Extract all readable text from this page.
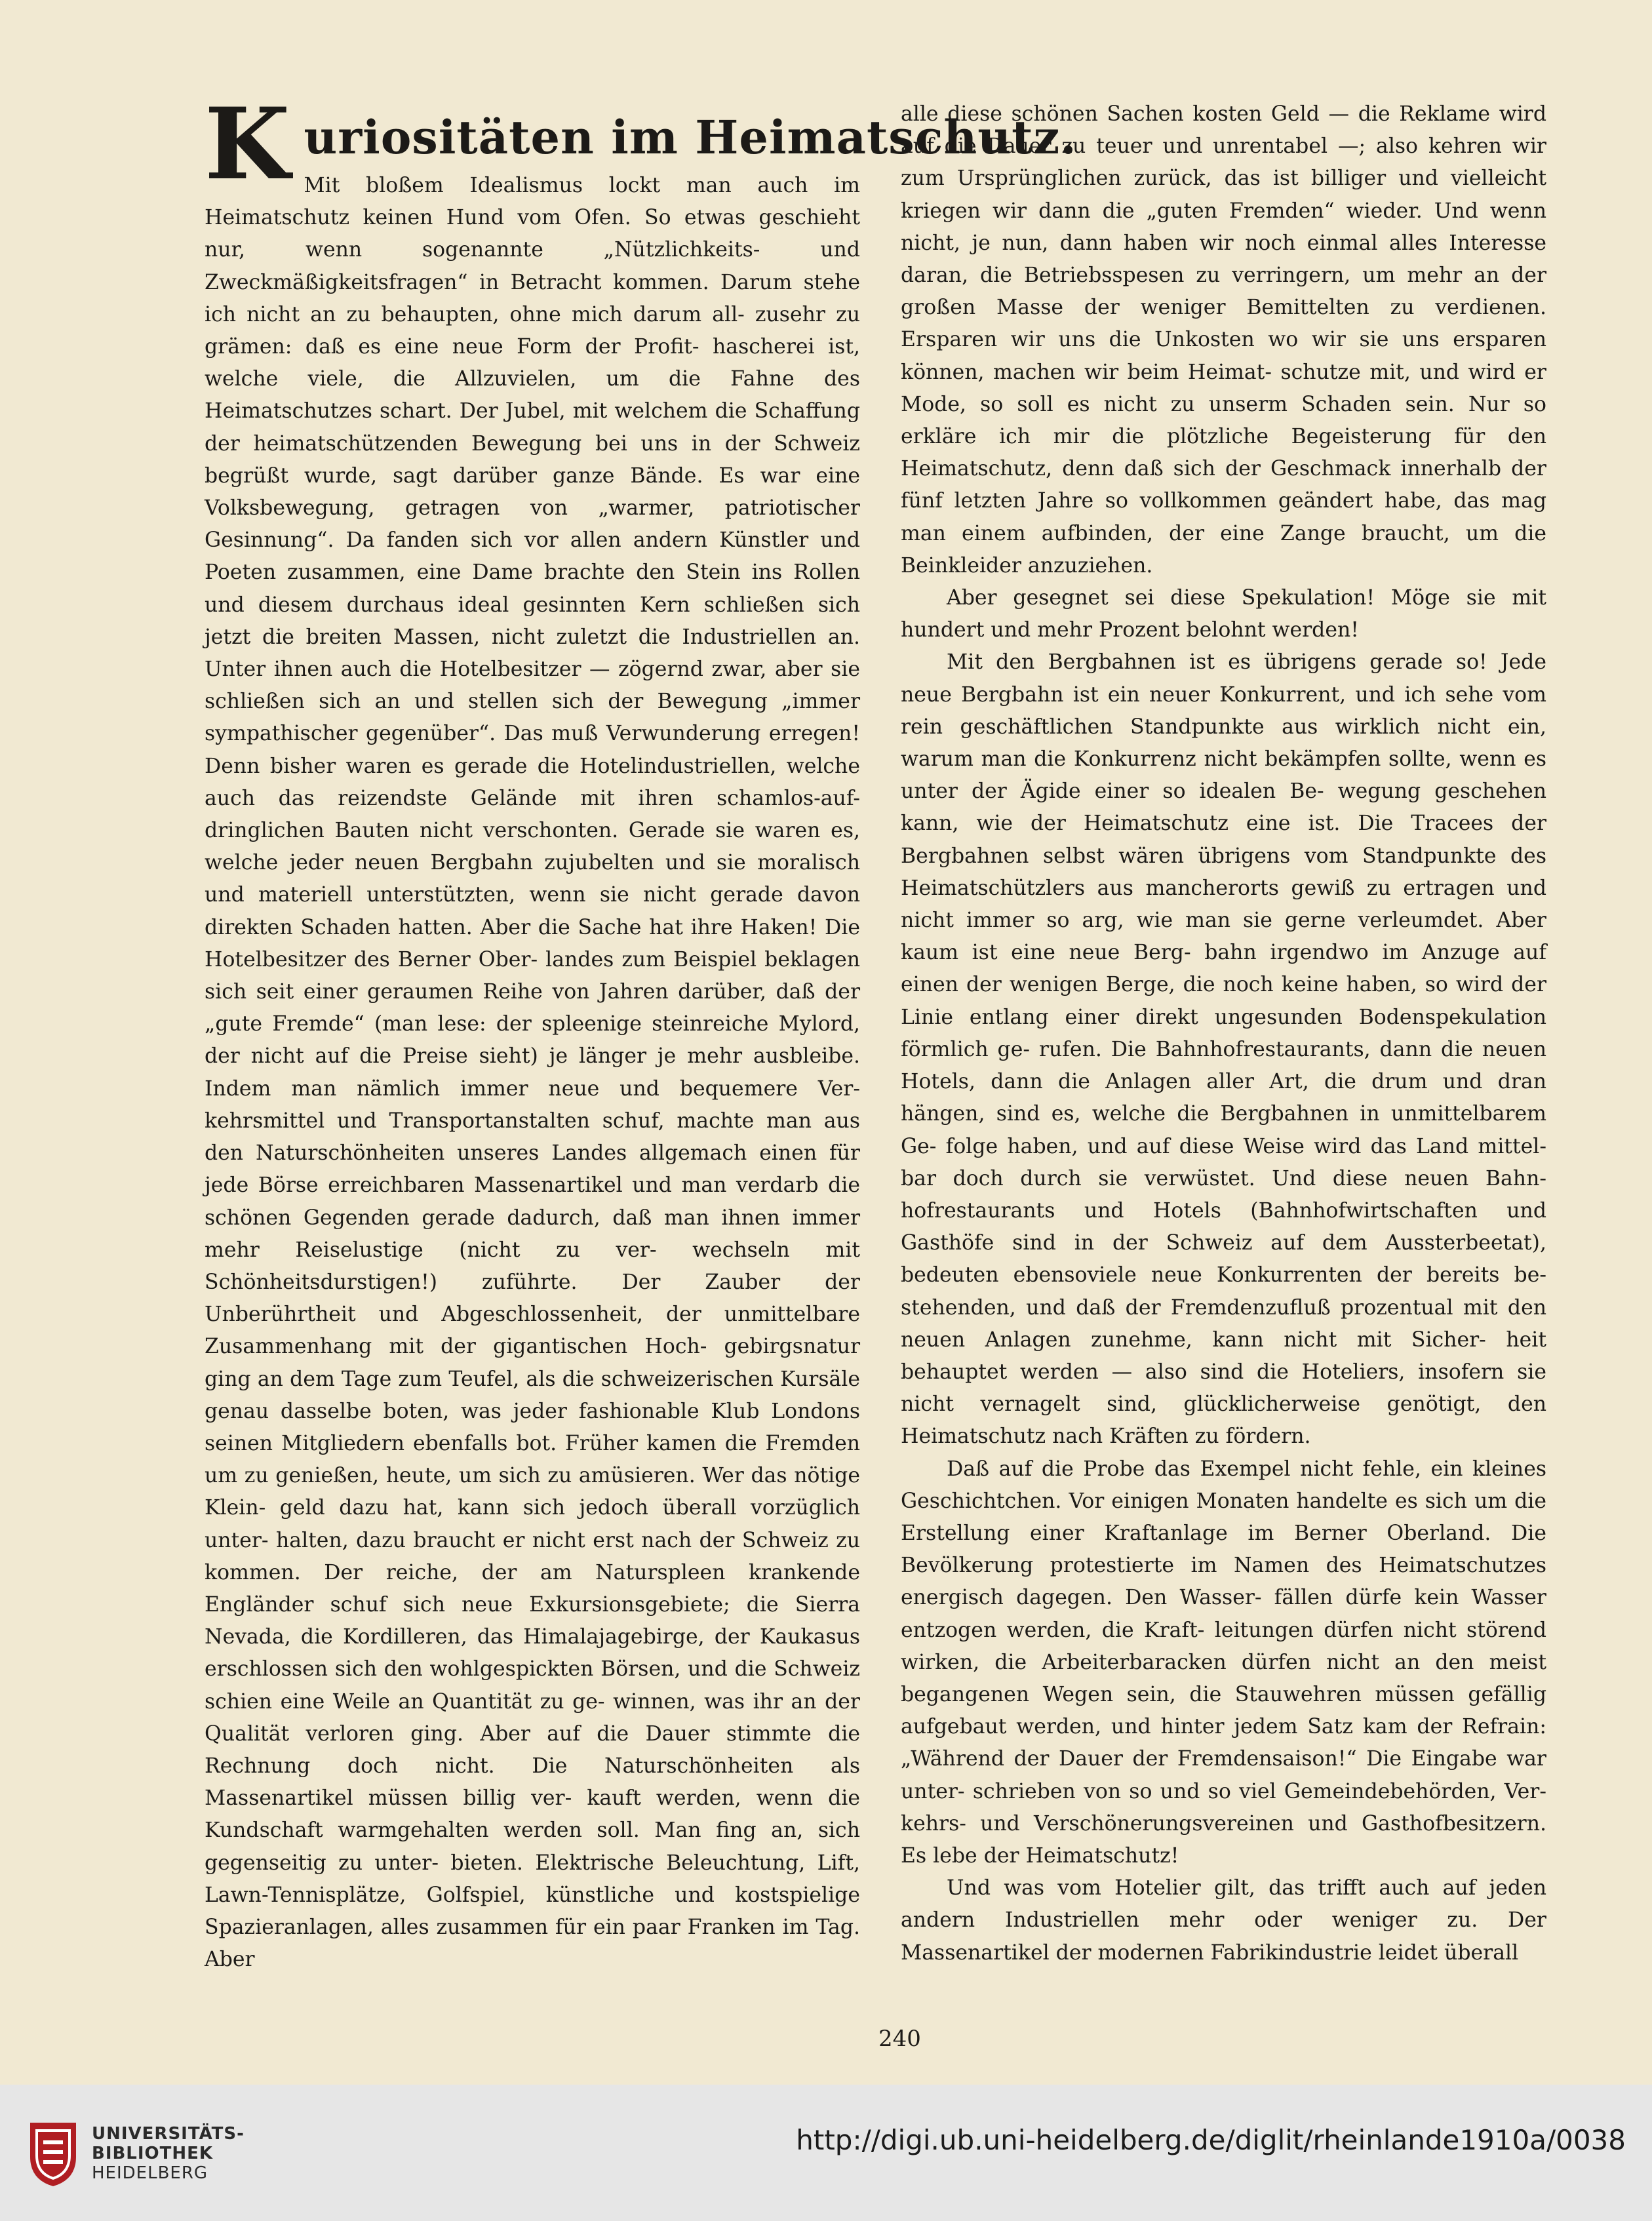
K uriositäten im Heimatschutz.

Mit bloßem Idealismus lockt man auch im Heimatschutz keinen Hund vom Ofen. So etwas geschieht nur, wenn sogenannte „Nützlichkeits- und Zweckmäßigkeitsfragen“ in Betracht kommen. Darum stehe ich nicht an zu behaupten, ohne mich darum all- zusehr zu grämen: daß es eine neue Form der Profit- hascherei ist, welche viele, die Allzuvielen, um die Fahne des Heimatschutzes schart. Der Jubel, mit welchem die Schaffung der heimatschützenden Bewegung bei uns in der Schweiz begrüßt wurde, sagt darüber ganze Bände. Es war eine Volksbewegung, getragen von „warmer, patriotischer Gesinnung“. Da fanden sich vor allen andern Künstler und Poeten zusammen, eine Dame brachte den Stein ins Rollen und diesem durchaus ideal gesinnten Kern schließen sich jetzt die breiten Massen, nicht zuletzt die Industriellen an. Unter ihnen auch die Hotelbesitzer — zögernd zwar, aber sie schließen sich an und stellen sich der Bewegung „immer sympathischer gegenüber“. Das muß Verwunderung erregen! Denn bisher waren es gerade die Hotelindustriellen, welche auch das reizendste Gelände mit ihren schamlos-auf- dringlichen Bauten nicht verschonten. Gerade sie waren es, welche jeder neuen Bergbahn zujubelten und sie moralisch und materiell unterstützten, wenn sie nicht gerade davon direkten Schaden hatten. Aber die Sache hat ihre Haken! Die Hotelbesitzer des Berner Ober- landes zum Beispiel beklagen sich seit einer geraumen Reihe von Jahren darüber, daß der „gute Fremde“ (man lese: der spleenige steinreiche Mylord, der nicht auf die Preise sieht) je länger je mehr ausbleibe. Indem man nämlich immer neue und bequemere Ver- kehrsmittel und Transportanstalten schuf, machte man aus den Naturschönheiten unseres Landes allgemach einen für jede Börse erreichbaren Massenartikel und man verdarb die schönen Gegenden gerade dadurch, daß man ihnen immer mehr Reiselustige (nicht zu ver- wechseln mit Schönheitsdurstigen!) zuführte. Der Zauber der Unberührtheit und Abgeschlossenheit, der unmittelbare Zusammenhang mit der gigantischen Hoch- gebirgsnatur ging an dem Tage zum Teufel, als die schweizerischen Kursäle genau dasselbe boten, was jeder fashionable Klub Londons seinen Mitgliedern ebenfalls bot. Früher kamen die Fremden um zu genießen, heute, um sich zu amüsieren. Wer das nötige Klein- geld dazu hat, kann sich jedoch überall vorzüglich unter- halten, dazu braucht er nicht erst nach der Schweiz zu kommen. Der reiche, der am Naturspleen krankende Engländer schuf sich neue Exkursionsgebiete; die Sierra Nevada, die Kordilleren, das Himalajagebirge, der Kaukasus erschlossen sich den wohlgespickten Börsen, und die Schweiz schien eine Weile an Quantität zu ge- winnen, was ihr an der Qualität verloren ging. Aber auf die Dauer stimmte die Rechnung doch nicht. Die Naturschönheiten als Massenartikel müssen billig ver- kauft werden, wenn die Kundschaft warmgehalten werden soll. Man fing an, sich gegenseitig zu unter- bieten. Elektrische Beleuchtung, Lift, Lawn-Tennisplätze, Golfspiel, künstliche und kostspielige Spazieranlagen, alles zusammen für ein paar Franken im Tag. Aber

alle diese schönen Sachen kosten Geld — die Reklame wird auf die Dauer zu teuer und unrentabel —; also kehren wir zum Ursprünglichen zurück, das ist billiger und vielleicht kriegen wir dann die „guten Fremden“ wieder. Und wenn nicht, je nun, dann haben wir noch einmal alles Interesse daran, die Betriebsspesen zu verringern, um mehr an der großen Masse der weniger Bemittelten zu verdienen. Ersparen wir uns die Unkosten wo wir sie uns ersparen können, machen wir beim Heimat- schutze mit, und wird er Mode, so soll es nicht zu unserm Schaden sein. Nur so erkläre ich mir die plötzliche Begeisterung für den Heimatschutz, denn daß sich der Geschmack innerhalb der fünf letzten Jahre so vollkommen geändert habe, das mag man einem aufbinden, der eine Zange braucht, um die Beinkleider anzuziehen.

Aber gesegnet sei diese Spekulation! Möge sie mit hundert und mehr Prozent belohnt werden!

Mit den Bergbahnen ist es übrigens gerade so! Jede neue Bergbahn ist ein neuer Konkurrent, und ich sehe vom rein geschäftlichen Standpunkte aus wirklich nicht ein, warum man die Konkurrenz nicht bekämpfen sollte, wenn es unter der Ägide einer so idealen Be- wegung geschehen kann, wie der Heimatschutz eine ist. Die Tracees der Bergbahnen selbst wären übrigens vom Standpunkte des Heimatschützlers aus mancherorts gewiß zu ertragen und nicht immer so arg, wie man sie gerne verleumdet. Aber kaum ist eine neue Berg- bahn irgendwo im Anzuge auf einen der wenigen Berge, die noch keine haben, so wird der Linie entlang einer direkt ungesunden Bodenspekulation förmlich ge- rufen. Die Bahnhofrestaurants, dann die neuen Hotels, dann die Anlagen aller Art, die drum und dran hängen, sind es, welche die Bergbahnen in unmittelbarem Ge- folge haben, und auf diese Weise wird das Land mittel- bar doch durch sie verwüstet. Und diese neuen Bahn- hofrestaurants und Hotels (Bahnhofwirtschaften und Gasthöfe sind in der Schweiz auf dem Aussterbeetat), bedeuten ebensoviele neue Konkurrenten der bereits be- stehenden, und daß der Fremdenzufluß prozentual mit den neuen Anlagen zunehme, kann nicht mit Sicher- heit behauptet werden — also sind die Hoteliers, insofern sie nicht vernagelt sind, glücklicherweise genötigt, den Heimatschutz nach Kräften zu fördern.

Daß auf die Probe das Exempel nicht fehle, ein kleines Geschichtchen. Vor einigen Monaten handelte es sich um die Erstellung einer Kraftanlage im Berner Oberland. Die Bevölkerung protestierte im Namen des Heimatschutzes energisch dagegen. Den Wasser- fällen dürfe kein Wasser entzogen werden, die Kraft- leitungen dürfen nicht störend wirken, die Arbeiterbaracken dürfen nicht an den meist begangenen Wegen sein, die Stauwehren müssen gefällig aufgebaut werden, und hinter jedem Satz kam der Refrain: „Während der Dauer der Fremdensaison!“ Die Eingabe war unter- schrieben von so und so viel Gemeindebehörden, Ver- kehrs- und Verschönerungsvereinen und Gasthofbesitzern. Es lebe der Heimatschutz!

Und was vom Hotelier gilt, das trifft auch auf jeden andern Industriellen mehr oder weniger zu. Der Massenartikel der modernen Fabrikindustrie leidet überall

240
UNIVERSITÄTS-
BIBLIOTHEK
HEIDELBERG
http://digi.ub.uni-heidelberg.de/diglit/rheinlande1910a/0038
